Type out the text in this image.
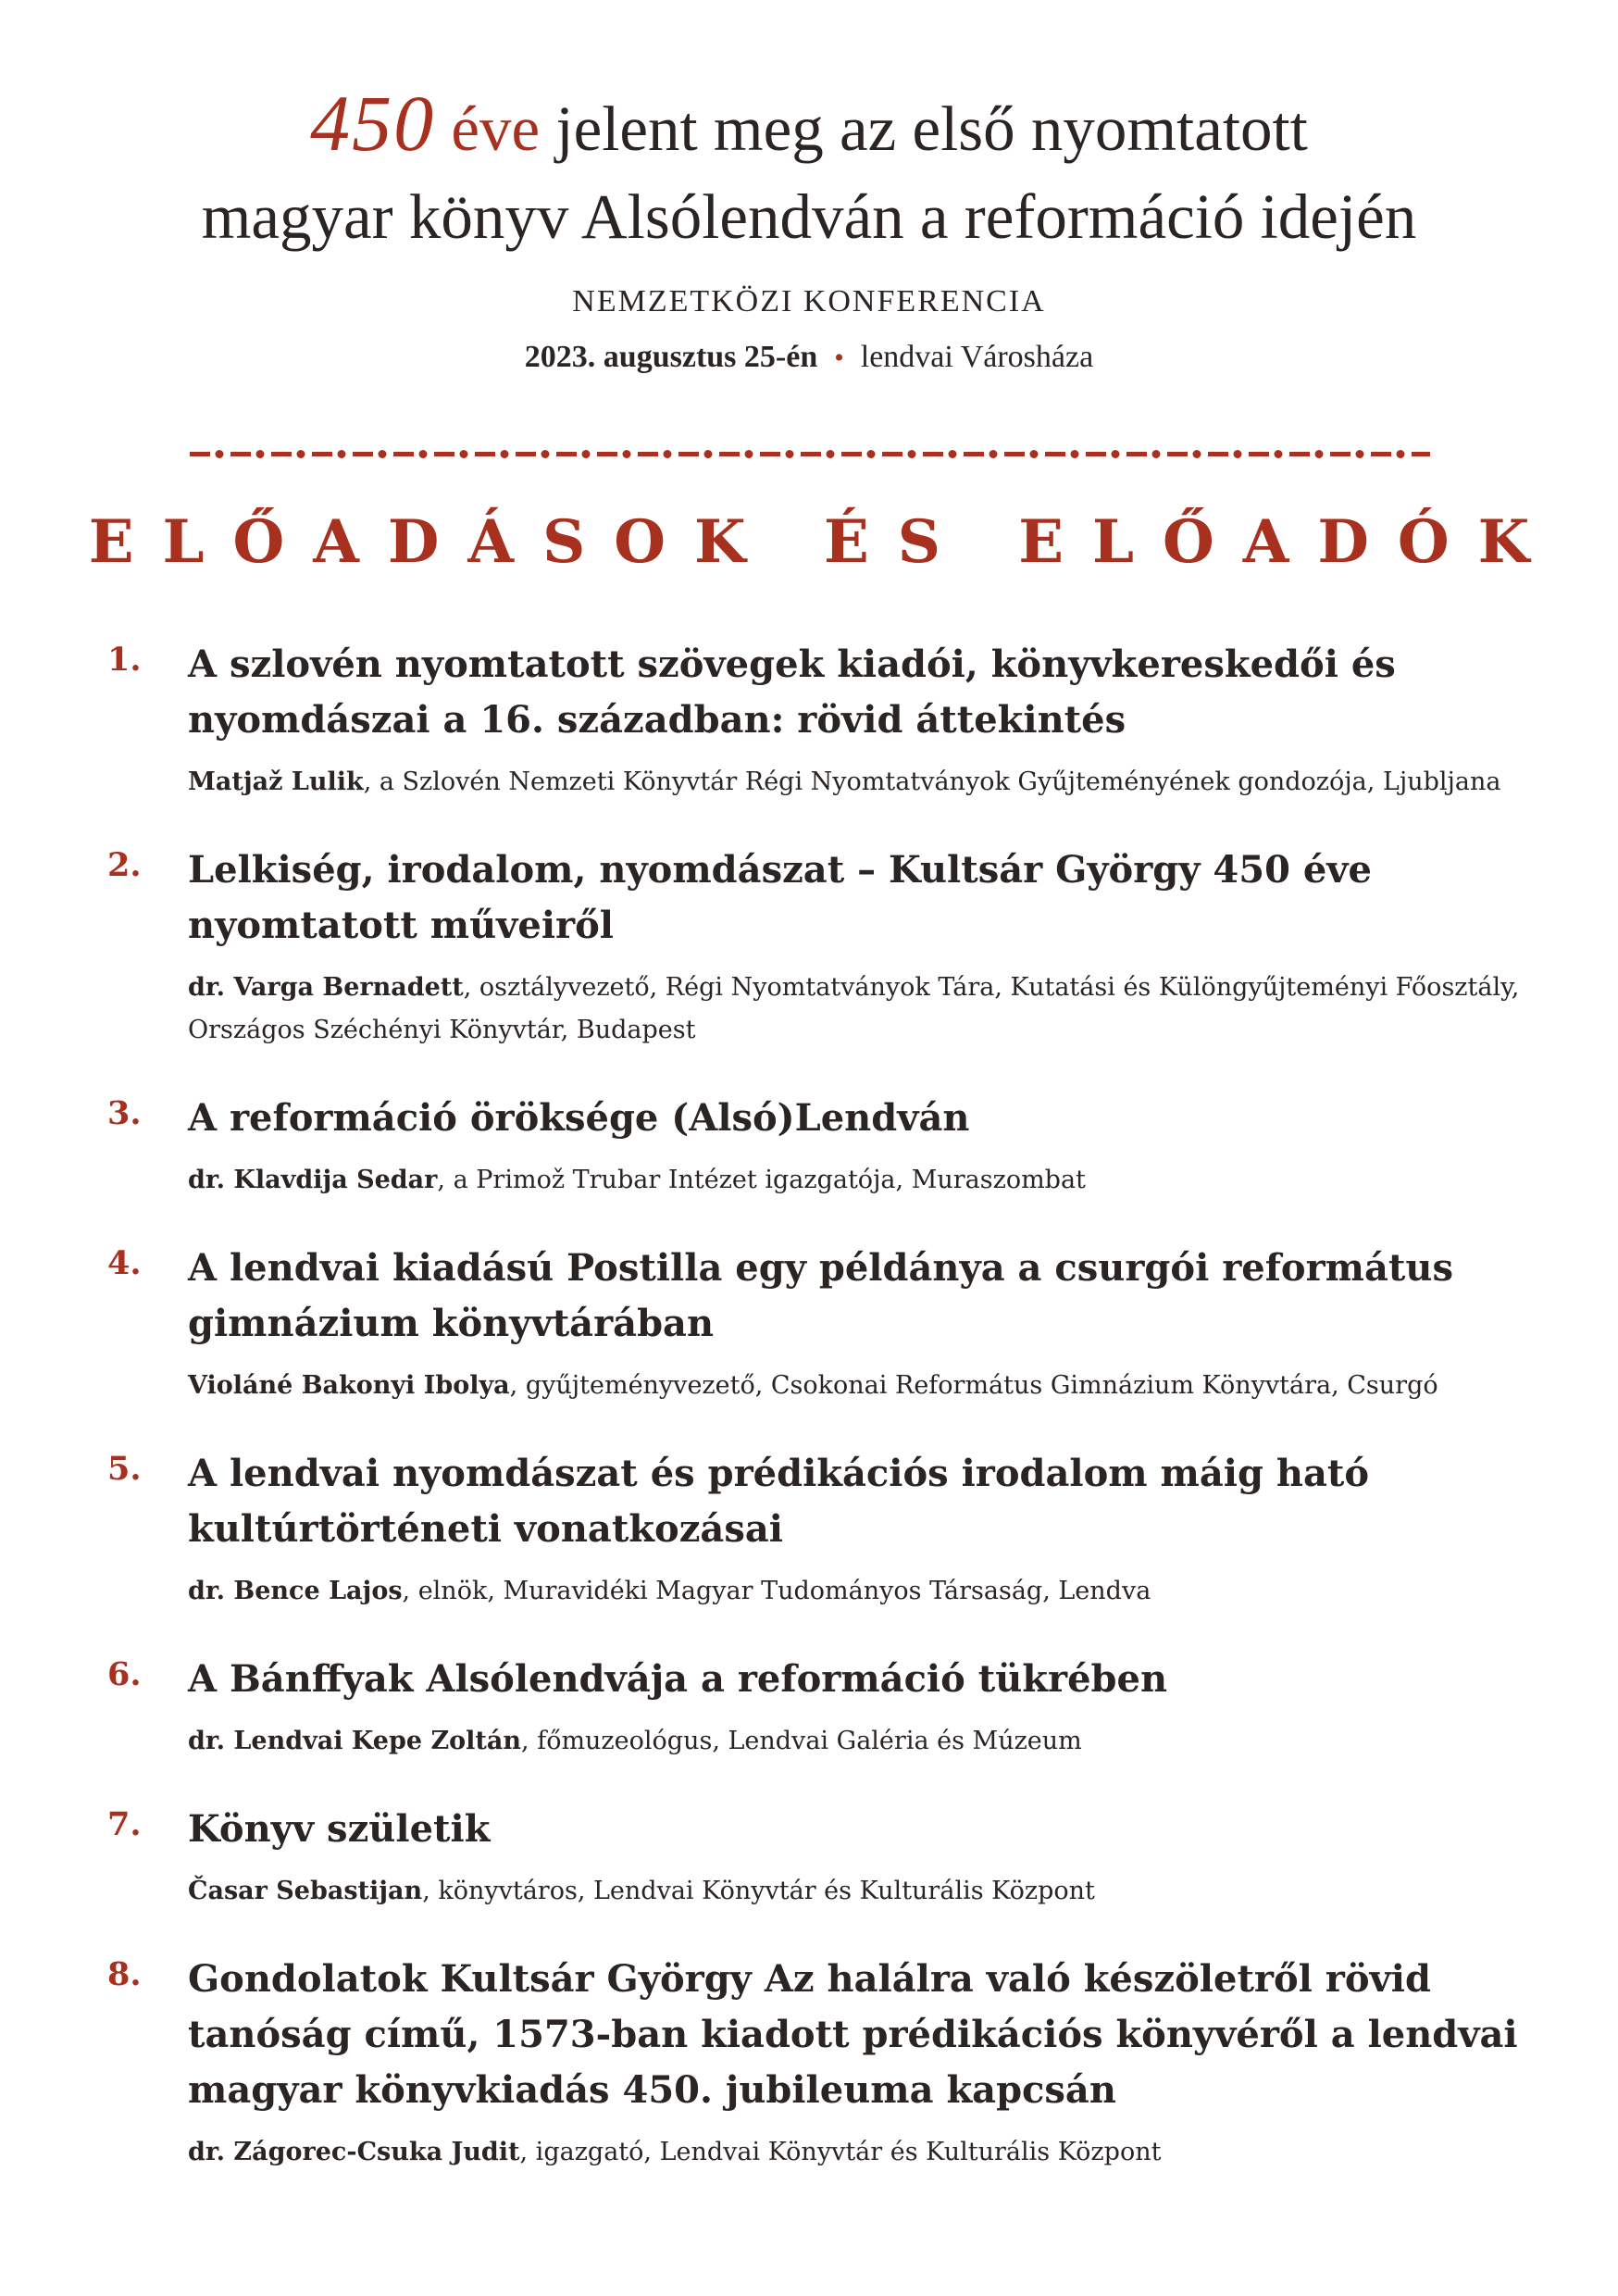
450 éve jelent meg az első nyomtatott
magyar könyv Alsólendván a reformáció idején
NEMZETKÖZI KONFERENCIA
2023. augusztus 25-én • lendvai Városháza
ELŐADÁSOK ÉS ELŐADÓK
1. A szlovén nyomtatott szövegek kiadói, könyvkereskedői és nyomdászai a 16. században: rövid áttekintés
Matjaž Lulik, a Szlovén Nemzeti Könyvtár Régi Nyomtatványok Gyűjteményének gondozója, Ljubljana
2. Lelkiség, irodalom, nyomdászat – Kultsár György 450 éve nyomtatott műveiről
dr. Varga Bernadett, osztályvezető, Régi Nyomtatványok Tára, Kutatási és Különgyűjteményi Főosztály, Országos Széchényi Könyvtár, Budapest
3. A reformáció öröksége (Alsó)Lendván
dr. Klavdija Sedar, a Primož Trubar Intézet igazgatója, Muraszombat
4. A lendvai kiadású Postilla egy példánya a csurgói református gimnázium könyvtárában
Violáné Bakonyi Ibolya, gyűjteményvezető, Csokonai Református Gimnázium Könyvtára, Csurgó
5. A lendvai nyomdászat és prédikációs irodalom máig ható kultúrtörténeti vonatkozásai
dr. Bence Lajos, elnök, Muravidéki Magyar Tudományos Társaság, Lendva
6. A Bánffyak Alsólendvája a reformáció tükrében
dr. Lendvai Kepe Zoltán, főmuzeológus, Lendvai Galéria és Múzeum
7. Könyv születik
Časar Sebastijan, könyvtáros, Lendvai Könyvtár és Kulturális Központ
8. Gondolatok Kultsár György Az halálra való készöletről rövid tanóság című, 1573-ban kiadott prédikációs könyvéről a lendvai magyar könyvkiadás 450. jubileuma kapcsán
dr. Zágorec-Csuka Judit, igazgató, Lendvai Könyvtár és Kulturális Központ
